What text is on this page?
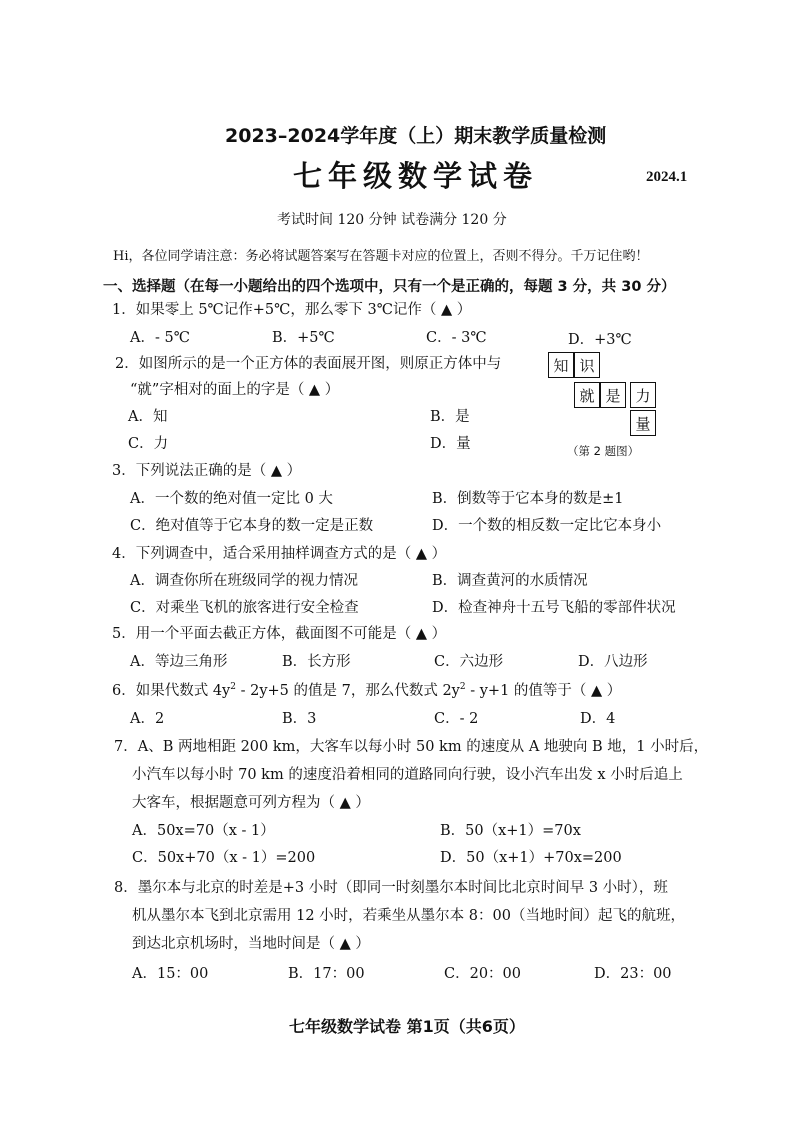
2023–2024学年度（上）期末教学质量检测
七年级数学试卷	2024.1
考试时间 120 分钟 试卷满分 120 分
Hi，各位同学请注意：务必将试题答案写在答题卡对应的位置上，否则不得分。千万记住哟！
一、选择题（在每一小题给出的四个选项中，只有一个是正确的，每题 3 分，共 30 分）
1．如果零上 5℃记作+5℃，那么零下 3℃记作（ ▲ ）
A．- 5℃	B．+5℃	C．- 3℃	D．+3℃
2．如图所示的是一个正方体的表面展开图，则原正方体中与
“就”字相对的面上的字是（ ▲ ）
A．知	B．是
C．力	D．量
知 识
就 是 力
量
（第 2 题图）
3．下列说法正确的是（ ▲ ）
A．一个数的绝对值一定比 0 大	B．倒数等于它本身的数是±1
C．绝对值等于它本身的数一定是正数	D．一个数的相反数一定比它本身小
4．下列调查中，适合采用抽样调查方式的是（ ▲ ）
A．调查你所在班级同学的视力情况	B．调查黄河的水质情况
C．对乘坐飞机的旅客进行安全检查	D．检查神舟十五号飞船的零部件状况
5．用一个平面去截正方体，截面图不可能是（ ▲ ）
A．等边三角形	B．长方形	C．六边形	D．八边形
6．如果代数式 $4y^2 - 2y+5$ 的值是 7，那么代数式 $2y^2 - y+1$ 的值等于（ ▲ ）
A．2	B．3	C．- 2	D．4
7．A、B 两地相距 200 km，大客车以每小时 50 km 的速度从 A 地驶向 B 地，1 小时后，
小汽车以每小时 70 km 的速度沿着相同的道路同向行驶，设小汽车出发 x 小时后追上
大客车，根据题意可列方程为（ ▲ ）
A．50x=70（x - 1）	B．50（x+1）=70x
C．50x+70（x - 1）=200	D．50（x+1）+70x=200
8．墨尔本与北京的时差是+3 小时（即同一时刻墨尔本时间比北京时间早 3 小时），班
机从墨尔本飞到北京需用 12 小时，若乘坐从墨尔本 8：00（当地时间）起飞的航班，
到达北京机场时，当地时间是（ ▲ ）
A．15：00	B．17：00	C．20：00	D．23：00
七年级数学试卷 第1页（共6页）
